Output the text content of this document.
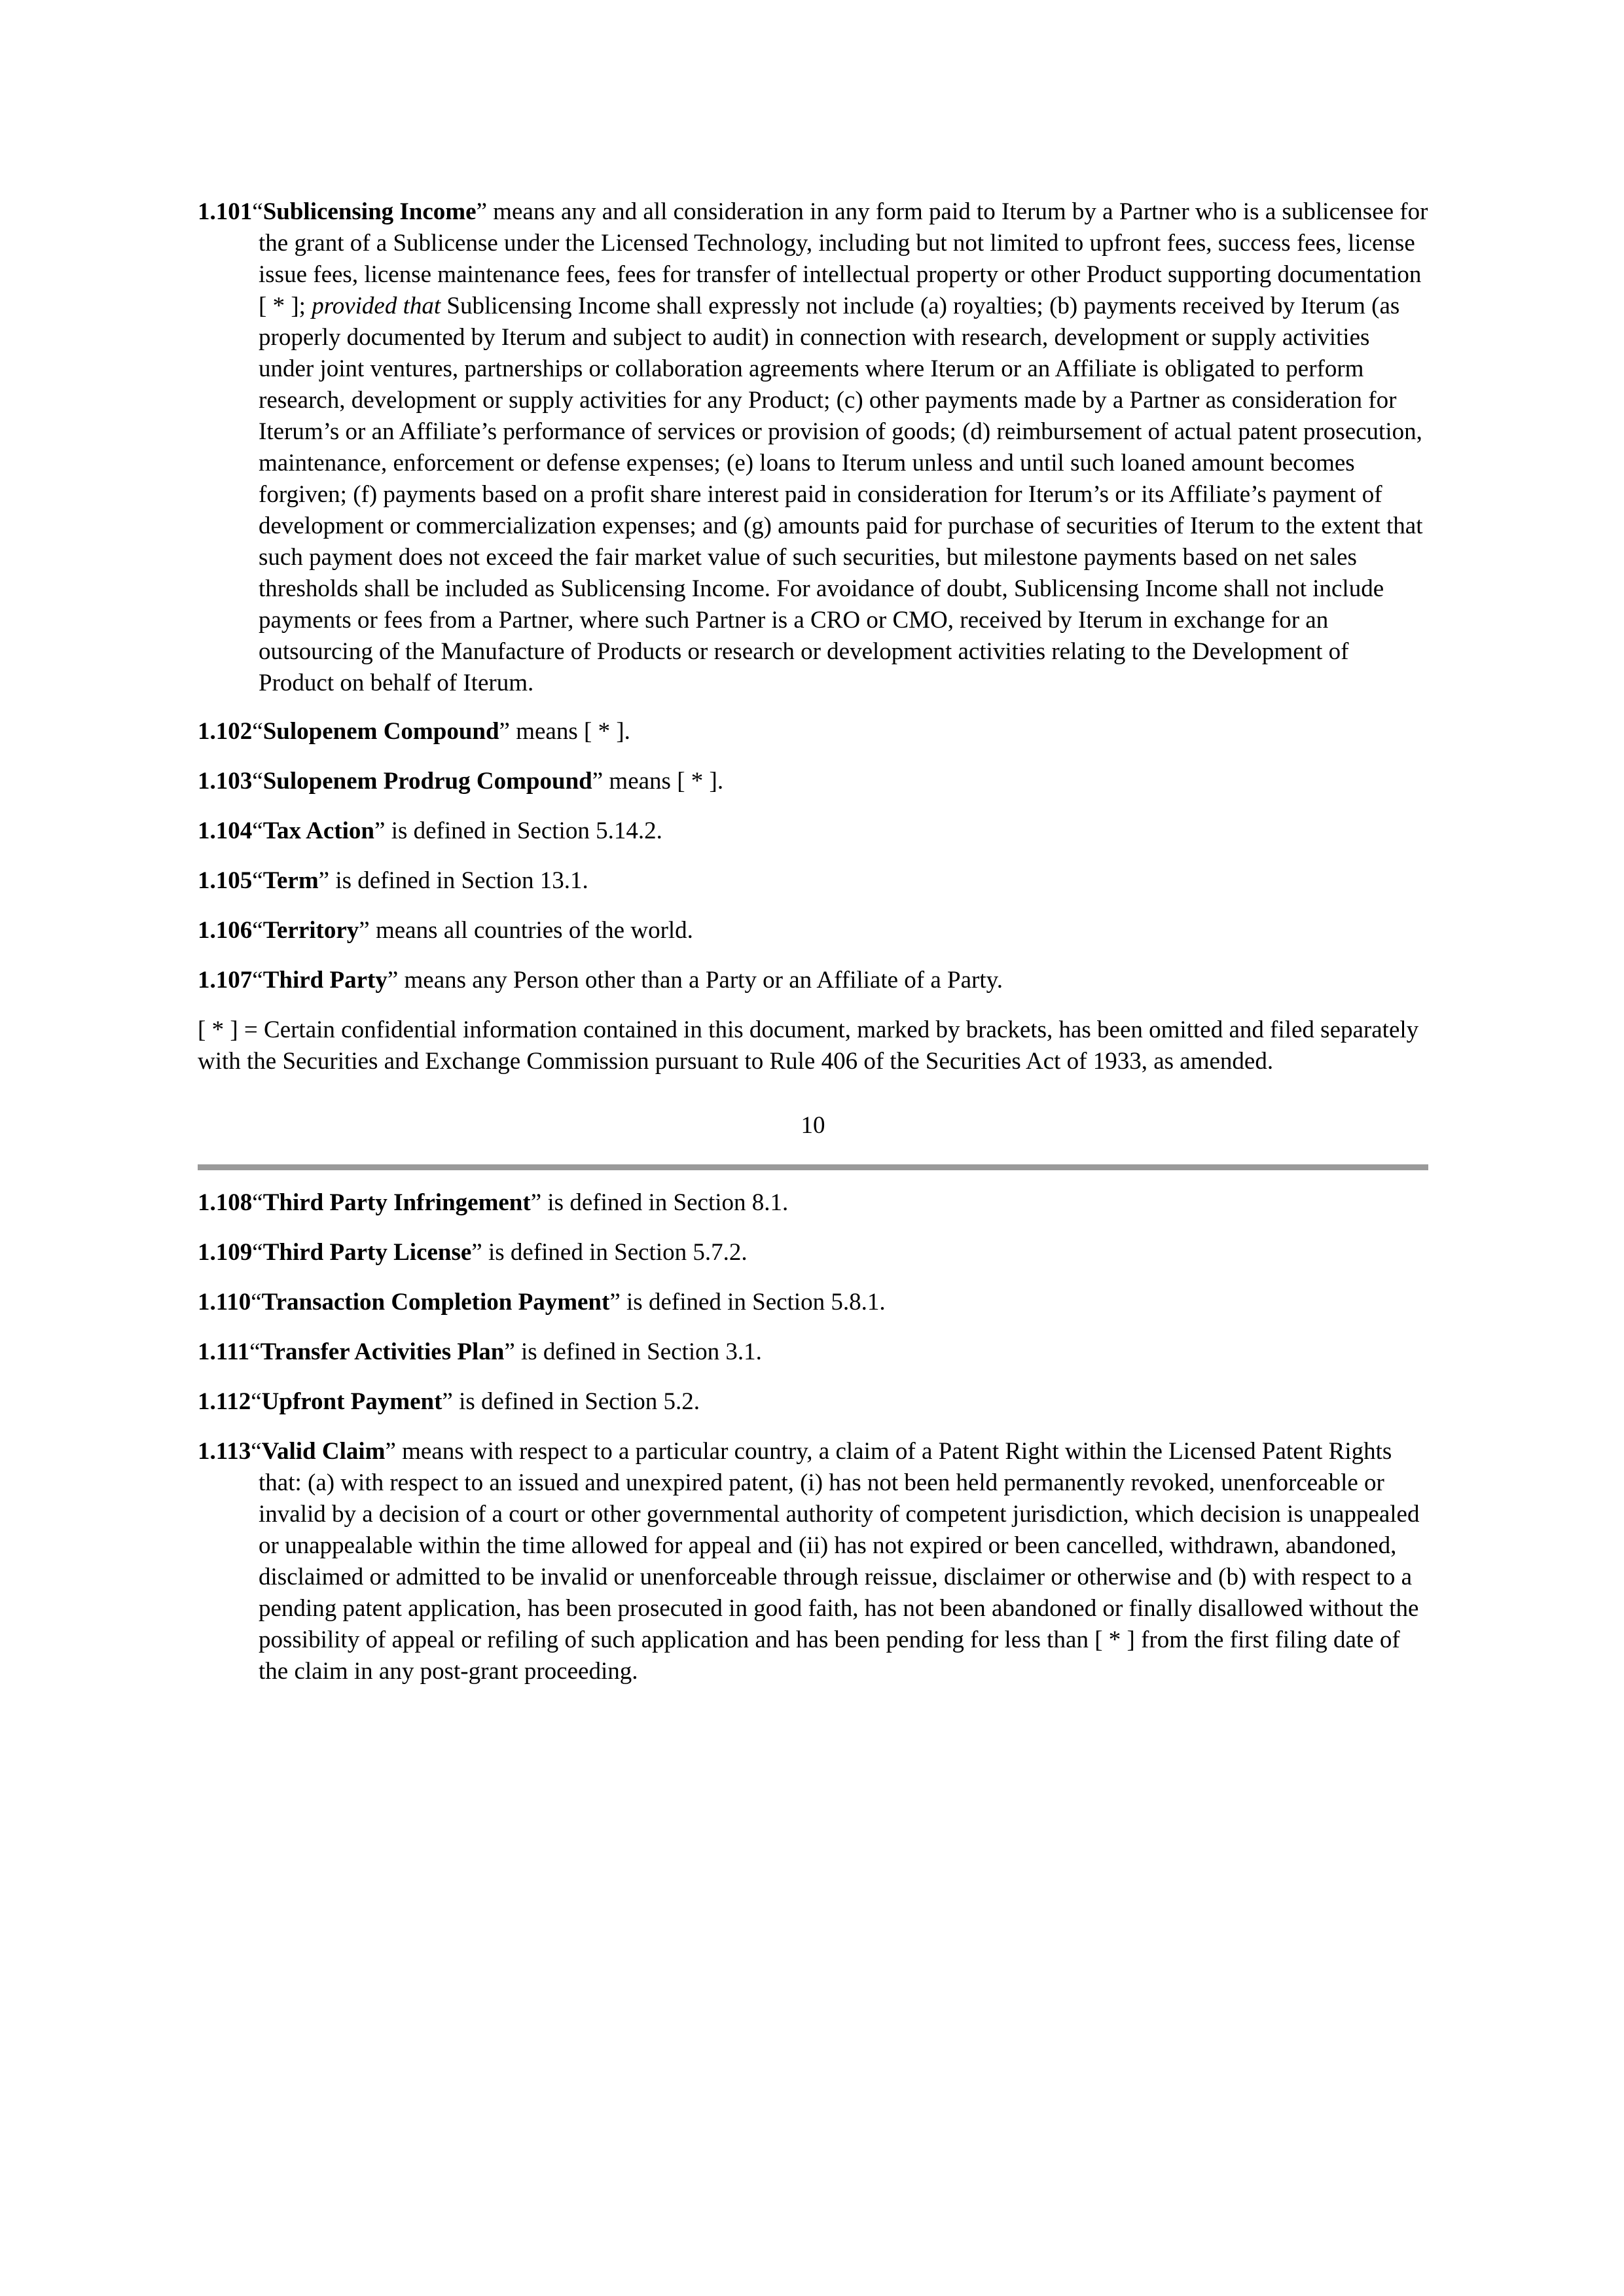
1.101“Sublicensing Income” means any and all consideration in any form paid to Iterum by a Partner who is a sublicensee for the grant of a Sublicense under the Licensed Technology, including but not limited to upfront fees, success fees, license issue fees, license maintenance fees, fees for transfer of intellectual property or other Product supporting documentation [ * ]; provided that Sublicensing Income shall expressly not include (a) royalties; (b) payments received by Iterum (as properly documented by Iterum and subject to audit) in connection with research, development or supply activities under joint ventures, partnerships or collaboration agreements where Iterum or an Affiliate is obligated to perform research, development or supply activities for any Product; (c) other payments made by a Partner as consideration for Iterum’s or an Affiliate’s performance of services or provision of goods; (d) reimbursement of actual patent prosecution, maintenance, enforcement or defense expenses; (e) loans to Iterum unless and until such loaned amount becomes forgiven; (f) payments based on a profit share interest paid in consideration for Iterum’s or its Affiliate’s payment of development or commercialization expenses; and (g) amounts paid for purchase of securities of Iterum to the extent that such payment does not exceed the fair market value of such securities, but milestone payments based on net sales thresholds shall be included as Sublicensing Income. For avoidance of doubt, Sublicensing Income shall not include payments or fees from a Partner, where such Partner is a CRO or CMO, received by Iterum in exchange for an outsourcing of the Manufacture of Products or research or development activities relating to the Development of Product on behalf of Iterum.

1.102“Sulopenem Compound” means [ * ].

1.103“Sulopenem Prodrug Compound” means [ * ].

1.104“Tax Action” is defined in Section 5.14.2.

1.105“Term” is defined in Section 13.1.

1.106“Territory” means all countries of the world.

1.107“Third Party” means any Person other than a Party or an Affiliate of a Party.

[ * ] = Certain confidential information contained in this document, marked by brackets, has been omitted and filed separately with the Securities and Exchange Commission pursuant to Rule 406 of the Securities Act of 1933, as amended.

10

1.108“Third Party Infringement” is defined in Section 8.1.

1.109“Third Party License” is defined in Section 5.7.2.

1.110“Transaction Completion Payment” is defined in Section 5.8.1.

1.111“Transfer Activities Plan” is defined in Section 3.1.

1.112“Upfront Payment” is defined in Section 5.2.

1.113“Valid Claim” means with respect to a particular country, a claim of a Patent Right within the Licensed Patent Rights that: (a) with respect to an issued and unexpired patent, (i) has not been held permanently revoked, unenforceable or invalid by a decision of a court or other governmental authority of competent jurisdiction, which decision is unappealed or unappealable within the time allowed for appeal and (ii) has not expired or been cancelled, withdrawn, abandoned, disclaimed or admitted to be invalid or unenforceable through reissue, disclaimer or otherwise and (b) with respect to a pending patent application, has been prosecuted in good faith, has not been abandoned or finally disallowed without the possibility of appeal or refiling of such application and has been pending for less than [ * ] from the first filing date of the claim in any post-grant proceeding.
